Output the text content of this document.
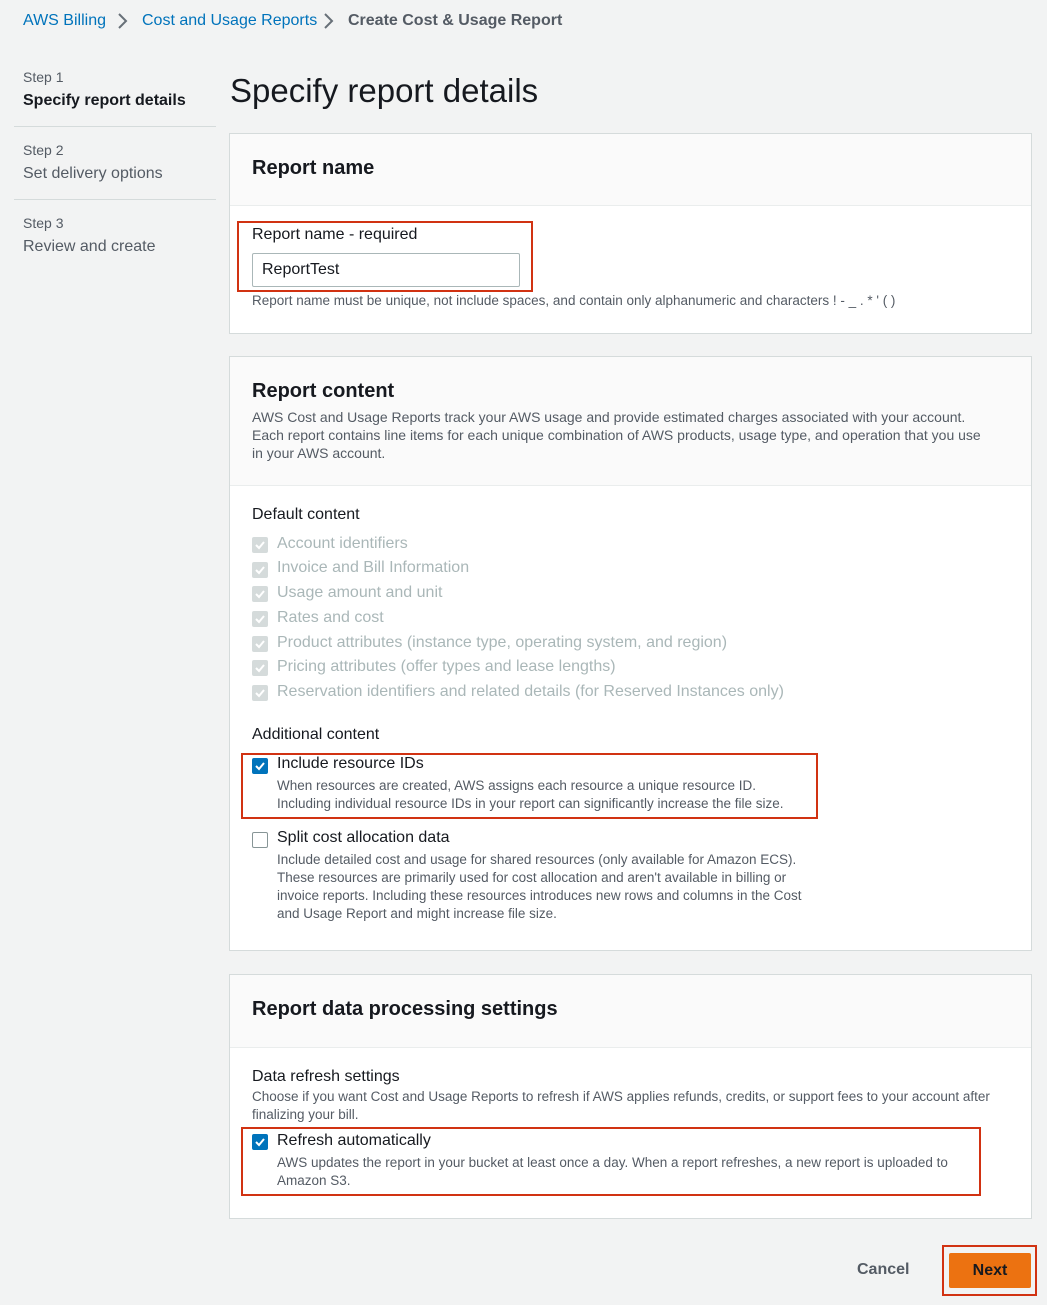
AWS Billing Cost and Usage Reports Create Cost & Usage Report
Step 1
Specify report details
Step 2
Set delivery options
Step 3
Review and create
Specify report details
Report name
Report name - required
ReportTest
Report name must be unique, not include spaces, and contain only alphanumeric and characters ! - _ . * ' ( )
Report content
AWS Cost and Usage Reports track your AWS usage and provide estimated charges associated with your account. Each report contains line items for each unique combination of AWS products, usage type, and operation that you use in your AWS account.
Default content
Account identifiers
Invoice and Bill Information
Usage amount and unit
Rates and cost
Product attributes (instance type, operating system, and region)
Pricing attributes (offer types and lease lengths)
Reservation identifiers and related details (for Reserved Instances only)
Additional content
Include resource IDs
When resources are created, AWS assigns each resource a unique resource ID. Including individual resource IDs in your report can significantly increase the file size.
Split cost allocation data
Include detailed cost and usage for shared resources (only available for Amazon ECS). These resources are primarily used for cost allocation and aren't available in billing or invoice reports. Including these resources introduces new rows and columns in the Cost and Usage Report and might increase file size.
Report data processing settings
Data refresh settings
Choose if you want Cost and Usage Reports to refresh if AWS applies refunds, credits, or support fees to your account after finalizing your bill.
Refresh automatically
AWS updates the report in your bucket at least once a day. When a report refreshes, a new report is uploaded to Amazon S3.
Cancel	Next
